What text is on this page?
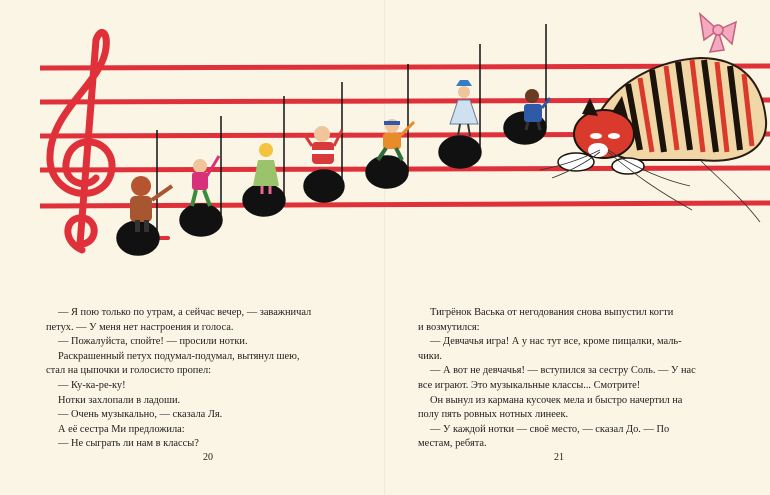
— Я пою только по утрам, а сейчас вечер, — заважничал

петух. — У меня нет настроения и голоса.

— Пожалуйста, спойте! — просили нотки.

Раскрашенный петух подумал-подумал, вытянул шею,

стал на цыпочки и голосисто пропел:

— Ку-ка-ре-ку!

Нотки захлопали в ладоши.

— Очень музыкально, — сказала Ля.

А её сестра Ми предложила:

— Не сыграть ли нам в классы?

Тигрёнок Васька от негодования снова выпустил когти

и возмутился:

— Девчачья игра! А у нас тут все, кроме пищалки, маль-

чики.

— А вот не девчачья! — вступился за сестру Соль. — У нас

все играют. Это музыкальные классы... Смотрите!

Он вынул из кармана кусочек мела и быстро начертил на

полу пять ровных нотных линеек.

— У каждой нотки — своё место, — сказал До. — По

местам, ребята.

20	21
